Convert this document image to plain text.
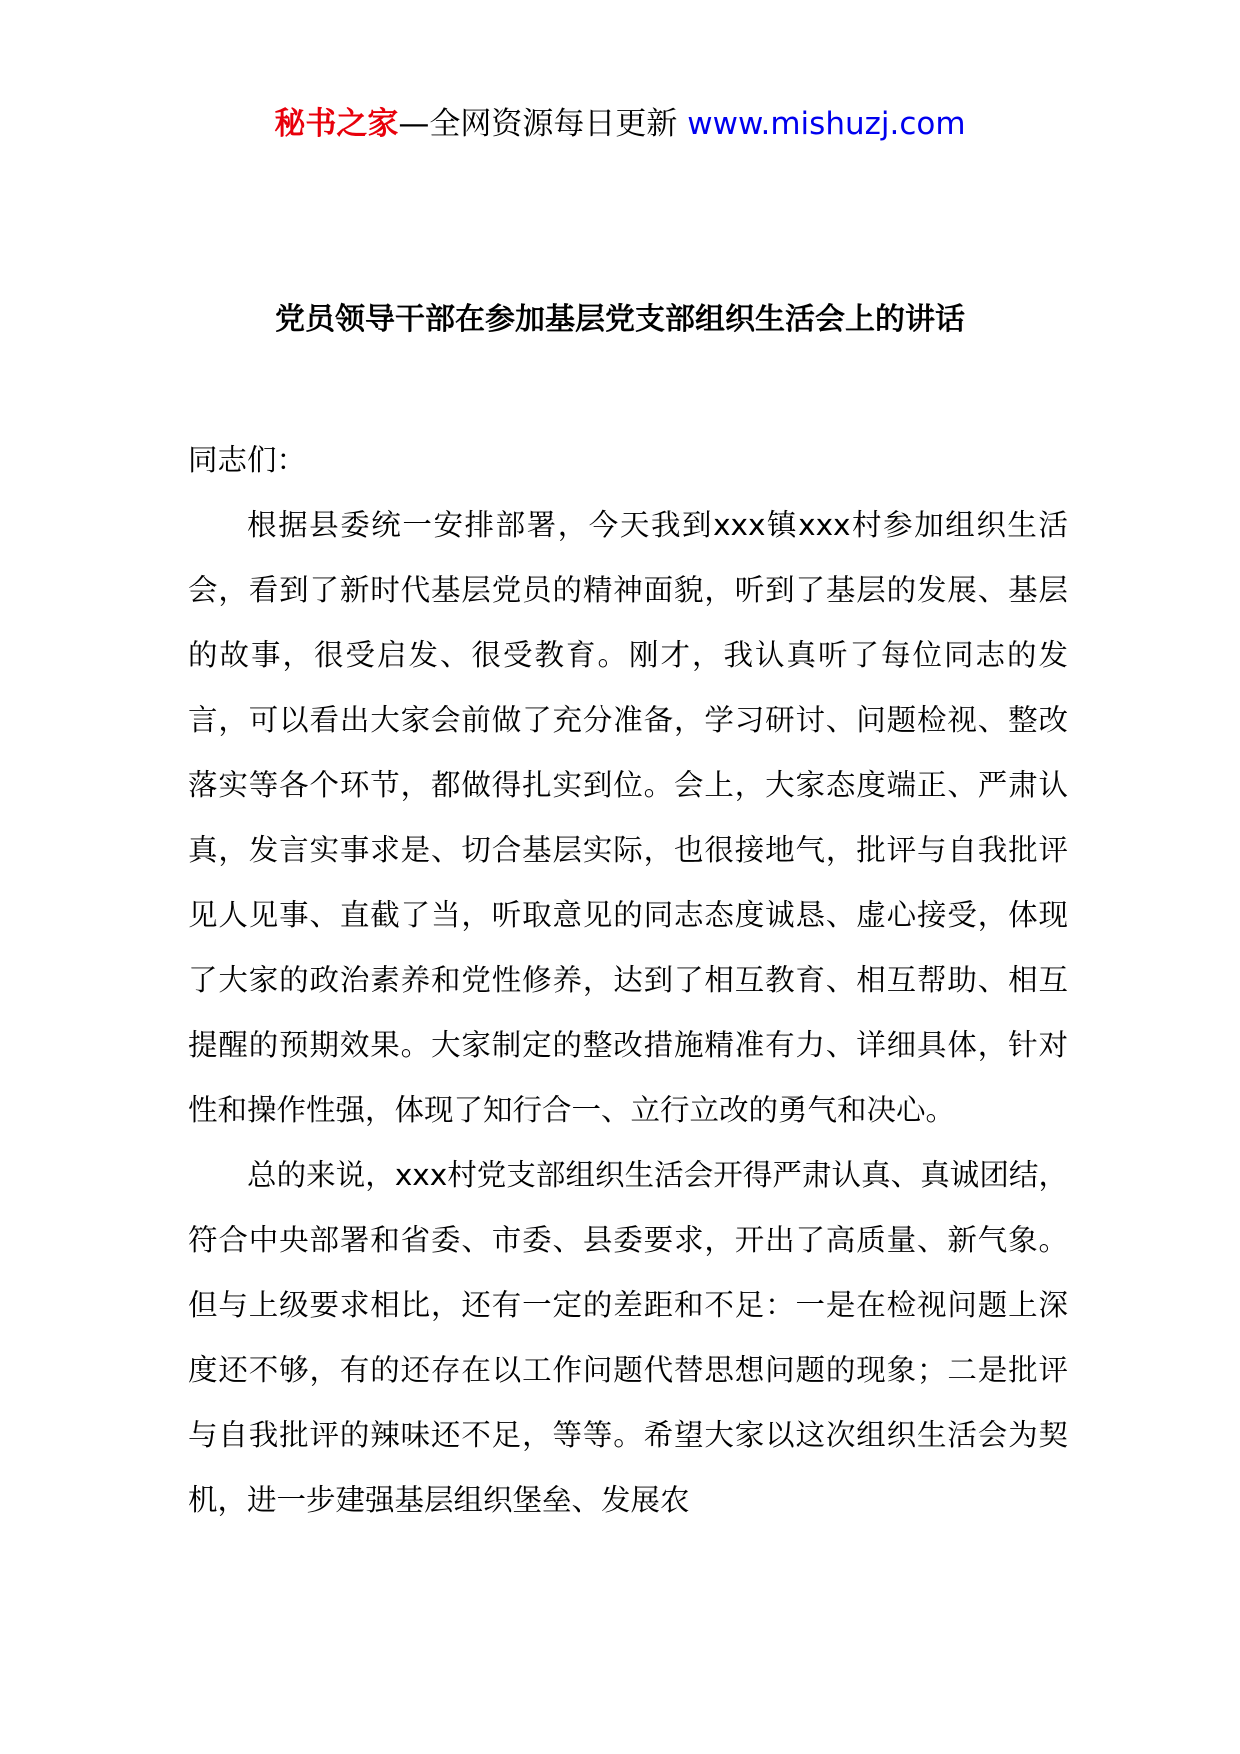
秘书之家—全网资源每日更新 www.mishuzj.com
党员领导干部在参加基层党支部组织生活会上的讲话

同志们：

根据县委统一安排部署，今天我到xxx镇xxx村参加组织生活会，看到了新时代基层党员的精神面貌，听到了基层的发展、基层的故事，很受启发、很受教育。刚才，我认真听了每位同志的发言，可以看出大家会前做了充分准备，学习研讨、问题检视、整改落实等各个环节，都做得扎实到位。会上，大家态度端正、严肃认真，发言实事求是、切合基层实际，也很接地气，批评与自我批评见人见事、直截了当，听取意见的同志态度诚恳、虚心接受，体现了大家的政治素养和党性修养，达到了相互教育、相互帮助、相互提醒的预期效果。大家制定的整改措施精准有力、详细具体，针对性和操作性强，体现了知行合一、立行立改的勇气和决心。

总的来说，xxx村党支部组织生活会开得严肃认真、真诚团结，符合中央部署和省委、市委、县委要求，开出了高质量、新气象。但与上级要求相比，还有一定的差距和不足：一是在检视问题上深度还不够，有的还存在以工作问题代替思想问题的现象；二是批评与自我批评的辣味还不足，等等。希望大家以这次组织生活会为契机，进一步建强基层组织堡垒、发展农
